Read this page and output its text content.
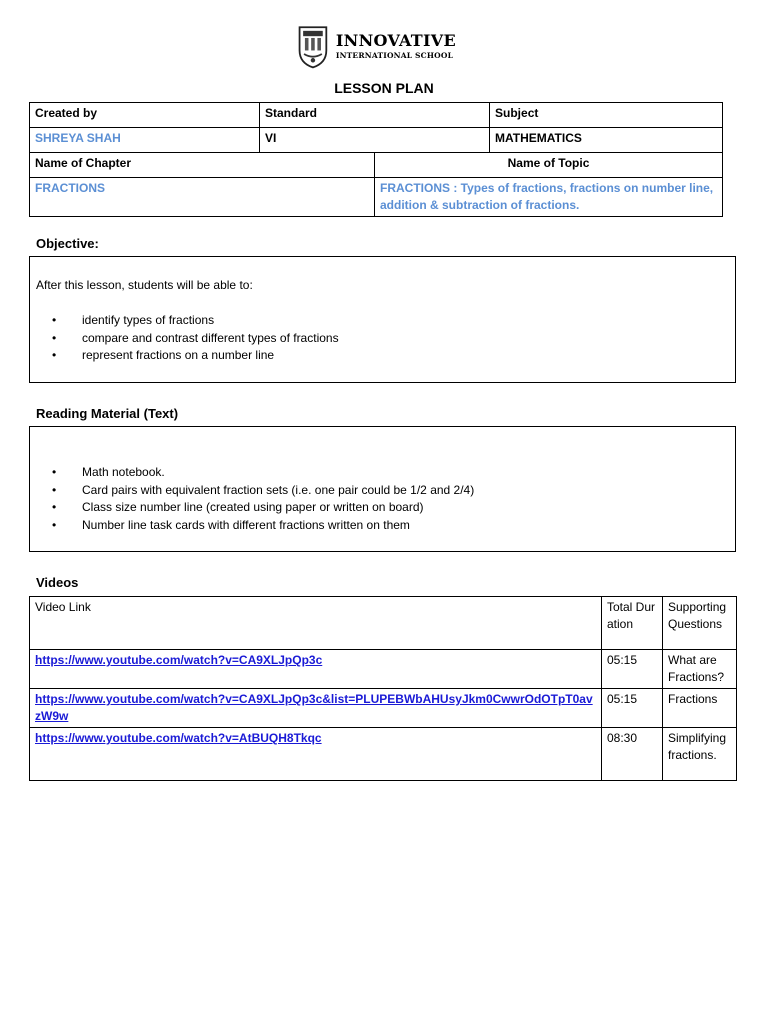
INNOVATIVE
INTERNATIONAL SCHOOL
LESSON PLAN
Created by	Standard		Subject
SHREYA SHAH	VI		MATHEMATICS
Name of Chapter		Name of Topic	
FRACTIONS		FRACTIONS : Types of fractions, fractions on number line, addition & subtraction of fractions.	
Objective:

After this lesson, students will be able to:

• identify types of fractions
• compare and contrast different types of fractions
• represent fractions on a number line
Reading Material (Text)
• Math notebook.
• Card pairs with equivalent fraction sets (i.e. one pair could be 1/2 and 2/4)
• Class size number line (created using paper or written on board)
• Number line task cards with different fractions written on them
Videos
Video Link	Total Duration	Supporting Questions
https://www.youtube.com/watch?v=CA9XLJpQp3c	05:15	What are Fractions?
https://www.youtube.com/watch?v=CA9XLJpQp3c&list=PLUPEBWbAHUsyJkm0CwwrOdOTpT0avzW9w	05:15	Fractions
https://www.youtube.com/watch?v=AtBUQH8Tkqc	08:30	Simplifying fractions.
